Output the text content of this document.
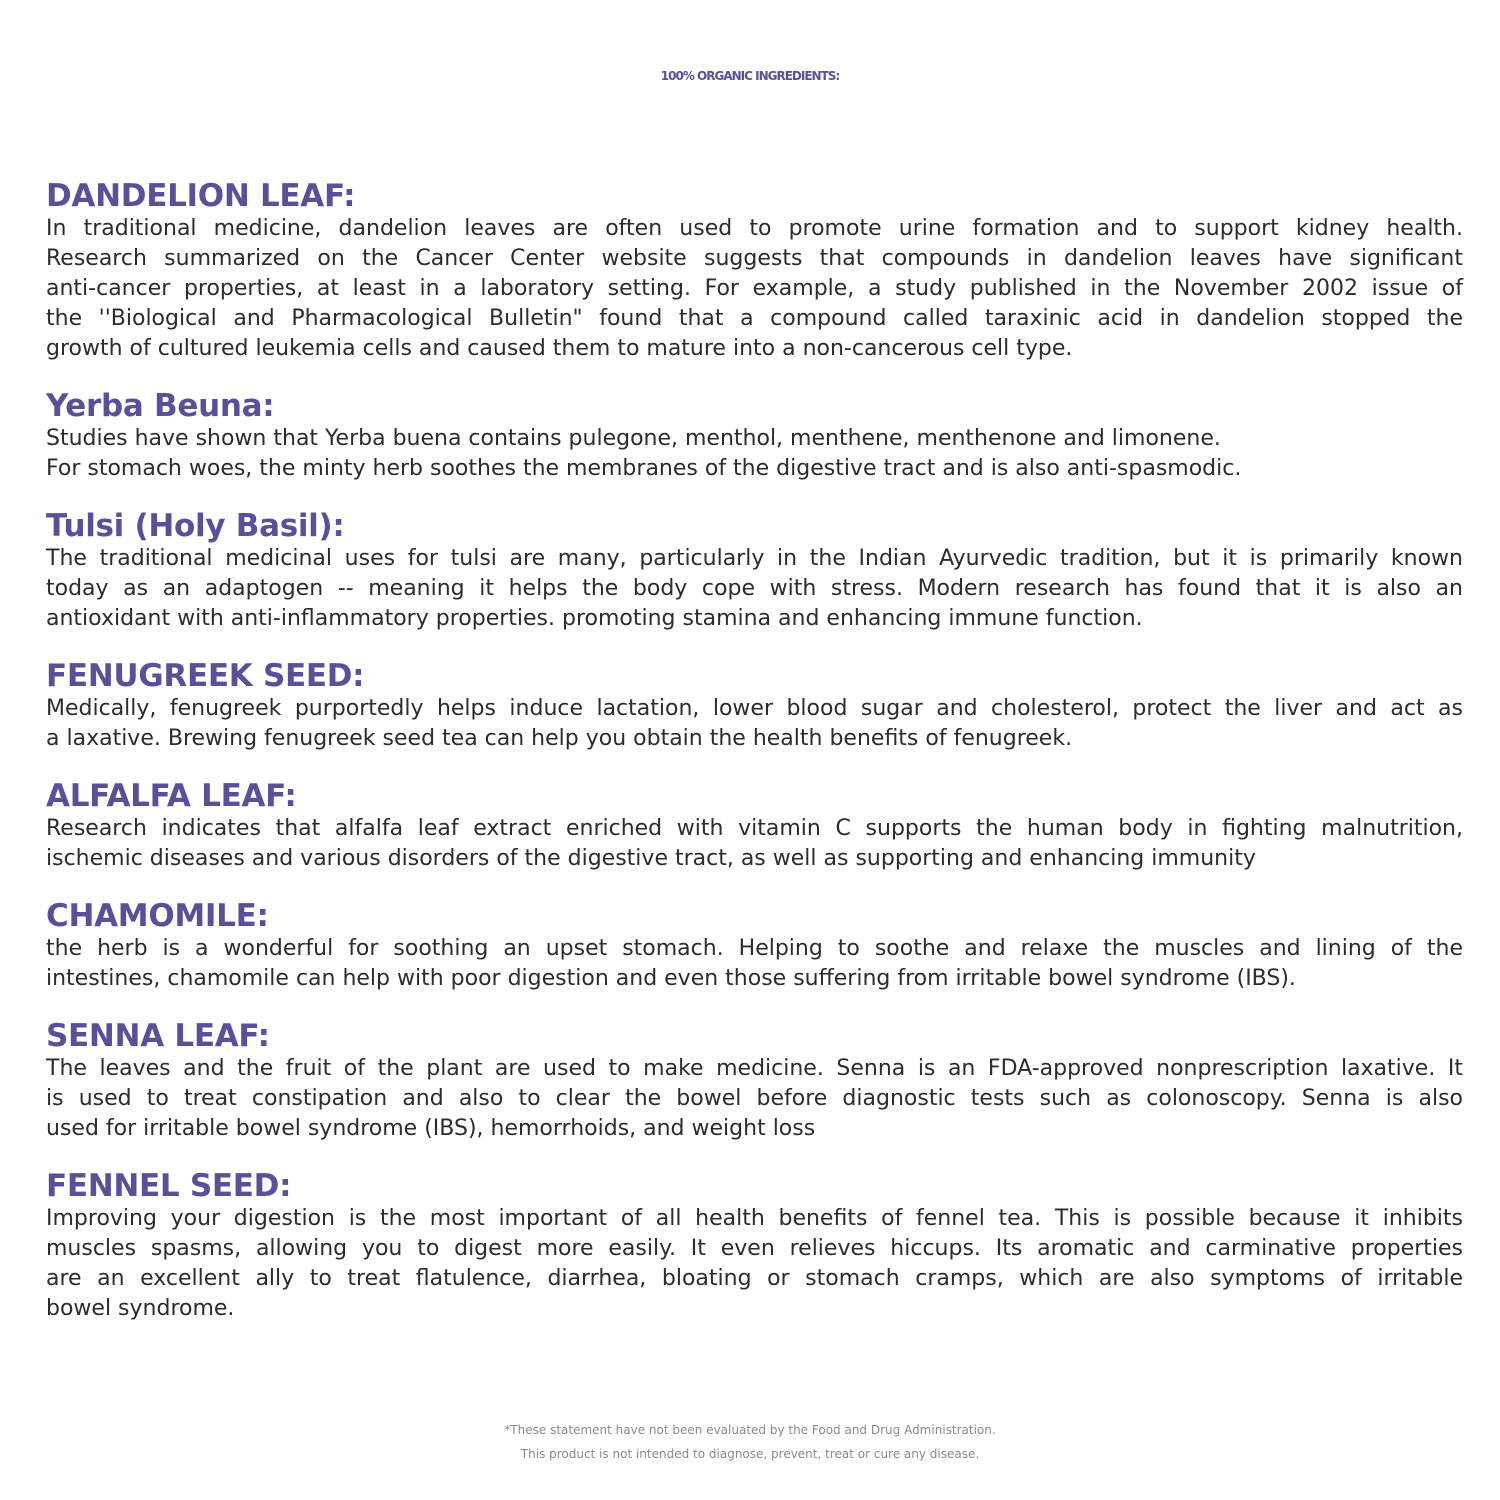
100% ORGANIC INGREDIENTS:
DANDELION LEAF:

In traditional medicine, dandelion leaves are often used to promote urine formation and to support kidney health.
Research summarized on the Cancer Center website suggests that compounds in dandelion leaves have significant
anti-cancer properties, at least in a laboratory setting. For example, a study published in the November 2002 issue of
the ''Biological and Pharmacological Bulletin" found that a compound called taraxinic acid in dandelion stopped the
growth of cultured leukemia cells and caused them to mature into a non-cancerous cell type.

Yerba Beuna:

Studies have shown that Yerba buena contains pulegone, menthol, menthene, menthenone and limonene.
For stomach woes, the minty herb soothes the membranes of the digestive tract and is also anti-spasmodic.

Tulsi (Holy Basil):

The traditional medicinal uses for tulsi are many, particularly in the Indian Ayurvedic tradition, but it is primarily known
today as an adaptogen -- meaning it helps the body cope with stress. Modern research has found that it is also an
antioxidant with anti-inflammatory properties. promoting stamina and enhancing immune function.

FENUGREEK SEED:

Medically, fenugreek purportedly helps induce lactation, lower blood sugar and cholesterol, protect the liver and act as
a laxative. Brewing fenugreek seed tea can help you obtain the health benefits of fenugreek.

ALFALFA LEAF:

Research indicates that alfalfa leaf extract enriched with vitamin C supports the human body in fighting malnutrition,
ischemic diseases and various disorders of the digestive tract, as well as supporting and enhancing immunity

CHAMOMILE:

the herb is a wonderful for soothing an upset stomach. Helping to soothe and relaxe the muscles and lining of the
intestines, chamomile can help with poor digestion and even those suffering from irritable bowel syndrome (IBS).

SENNA LEAF:

The leaves and the fruit of the plant are used to make medicine. Senna is an FDA-approved nonprescription laxative. It
is used to treat constipation and also to clear the bowel before diagnostic tests such as colonoscopy. Senna is also
used for irritable bowel syndrome (IBS), hemorrhoids, and weight loss

FENNEL SEED:

Improving your digestion is the most important of all health benefits of fennel tea. This is possible because it inhibits
muscles spasms, allowing you to digest more easily. It even relieves hiccups. Its aromatic and carminative properties
are an excellent ally to treat flatulence, diarrhea, bloating or stomach cramps, which are also symptoms of irritable
bowel syndrome.

*These statement have not been evaluated by the Food and Drug Administration.
This product is not intended to diagnose, prevent, treat or cure any disease.
